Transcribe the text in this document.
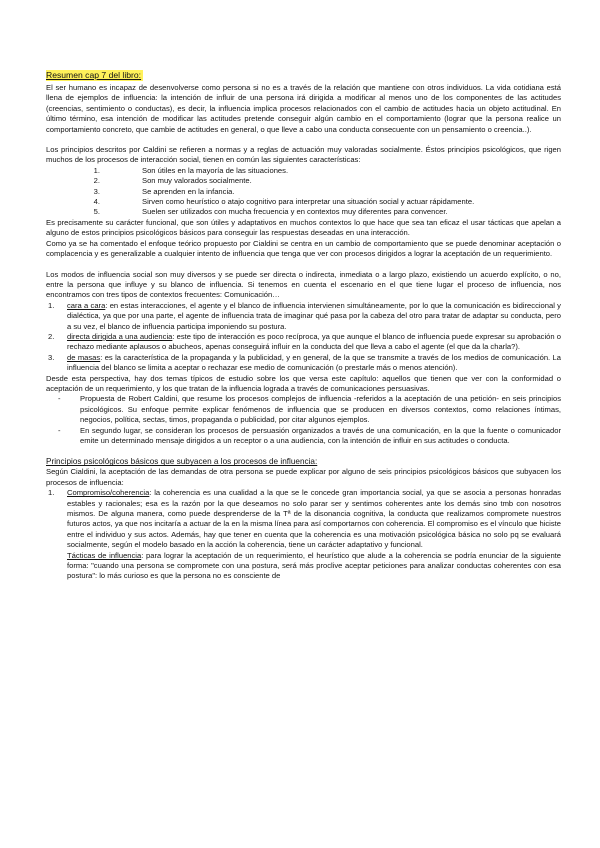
Resumen cap 7 del libro:

El ser humano es incapaz de desenvolverse como persona si no es a través de la relación que mantiene con otros individuos. La vida cotidiana está llena de ejemplos de influencia: la intención de influir de una persona irá dirigida a modificar al menos uno de los componentes de las actitudes (creencias, sentimiento o conductas), es decir, la influencia implica procesos relacionados con el cambio de actitudes hacia un objeto actitudinal. En último término, esa intención de modificar las actitudes pretende conseguir algún cambio en el comportamiento (lograr que la persona realice un comportamiento concreto, que cambie de actitudes en general, o que lleve a cabo una conducta consecuente con un pensamiento o creencia..).

Los principios descritos por Caldini se refieren a normas y a reglas de actuación muy valoradas socialmente. Éstos principios psicológicos, que rigen muchos de los procesos de interacción social, tienen en común las siguientes características:

1.	Son útiles en la mayoría de las situaciones.
2.	Son muy valorados socialmente.
3.	Se aprenden en la infancia.
4.	Sirven como heurístico o atajo cognitivo para interpretar una situación social y actuar rápidamente.
5.	Suelen ser utilizados con mucha frecuencia y en contextos muy diferentes para convencer.

Es precisamente su carácter funcional, que son útiles y adaptativos en muchos contextos lo que hace que sea tan eficaz el usar tácticas que apelan a alguno de estos principios psicológicos básicos para conseguir las respuestas deseadas en una interacción.

Como ya se ha comentado el enfoque teórico propuesto por Cialdini se centra en un cambio de comportamiento que se puede denominar aceptación o complacencia y es generalizable a cualquier intento de influencia que tenga que ver con procesos dirigidos a lograr la aceptación de un requerimiento.

Los modos de influencia social son muy diversos y se puede ser directa o indirecta, inmediata o a largo plazo, existiendo un acuerdo explícito, o no, entre la persona que influye y su blanco de influencia. Si tenemos en cuenta el escenario en el que tiene lugar el proceso de influencia, nos encontramos con tres tipos de contextos frecuentes: Comunicación…

1. cara a cara: en estas interacciones, el agente y el blanco de influencia intervienen simultáneamente, por lo que la comunicación es bidireccional y dialéctica, ya que por una parte, el agente de influencia trata de imaginar qué pasa por la cabeza del otro para tratar de adaptar su conducta, pero a su vez, el blanco de influencia participa imponiendo su postura.
2. directa dirigida a una audiencia: este tipo de interacción es poco recíproca, ya que aunque el blanco de influencia puede expresar su aprobación o rechazo mediante aplausos o abucheos, apenas conseguirá influir en la conducta del que lleva a cabo el agente (el que da la charla?).
3. de masas: es la característica de la propaganda y la publicidad, y en general, de la que se transmite a través de los medios de comunicación. La influencia del blanco se limita a aceptar o rechazar ese medio de comunicación (o prestarle más o menos atención).

Desde esta perspectiva, hay dos temas típicos de estudio sobre los que versa este capítulo: aquellos que tienen que ver con la conformidad o aceptación de un requerimiento, y los que tratan de la influencia lograda a través de comunicaciones persuasivas.

-	Propuesta de Robert Caldini, que resume los procesos complejos de influencia -referidos a la aceptación de una petición- en seis principios psicológicos. Su enfoque permite explicar fenómenos de influencia que se producen en diversos contextos, como relaciones íntimas, negocios, política, sectas, timos, propaganda o publicidad, por citar algunos ejemplos.
-	En segundo lugar, se consideran los procesos de persuasión organizados a través de una comunicación, en la que la fuente o comunicador emite un determinado mensaje dirigidos a un receptor o a una audiencia, con la intención de influir en sus actitudes o conducta.
Principios psicológicos básicos que subyacen a los procesos de influencia:

Según Cialdini, la aceptación de las demandas de otra persona se puede explicar por alguno de seis principios psicológicos básicos que subyacen los procesos de influencia:

1. Compromiso/coherencia: la coherencia es una cualidad a la que se le concede gran importancia social, ya que se asocia a personas honradas estables y racionales; esa es la razón por la que deseamos no solo parar ser y sentimos coherentes ante los demás sino tmb con nosotros mismos. De alguna manera, como puede desprenderse de la Tª de la disonancia cognitiva, la conducta que realizamos compromete nuestros futuros actos, ya que nos incitaría a actuar de la en la misma línea para así comportarnos con coherencia. El compromiso es el vínculo que hiciste entre el individuo y sus actos. Además, hay que tener en cuenta que la coherencia es una motivación psicológica básica no solo pq se evaluará socialmente, según el modelo basado en la acción la coherencia, tiene un carácter adaptativo y funcional.
Tácticas de influencia: para lograr la aceptación de un requerimiento, el heurístico que alude a la coherencia se podría enunciar de la siguiente forma: "cuando una persona se compromete con una postura, será más proclive aceptar peticiones para analizar conductas coherentes con esa postura": lo más curioso es que la persona no es consciente de
